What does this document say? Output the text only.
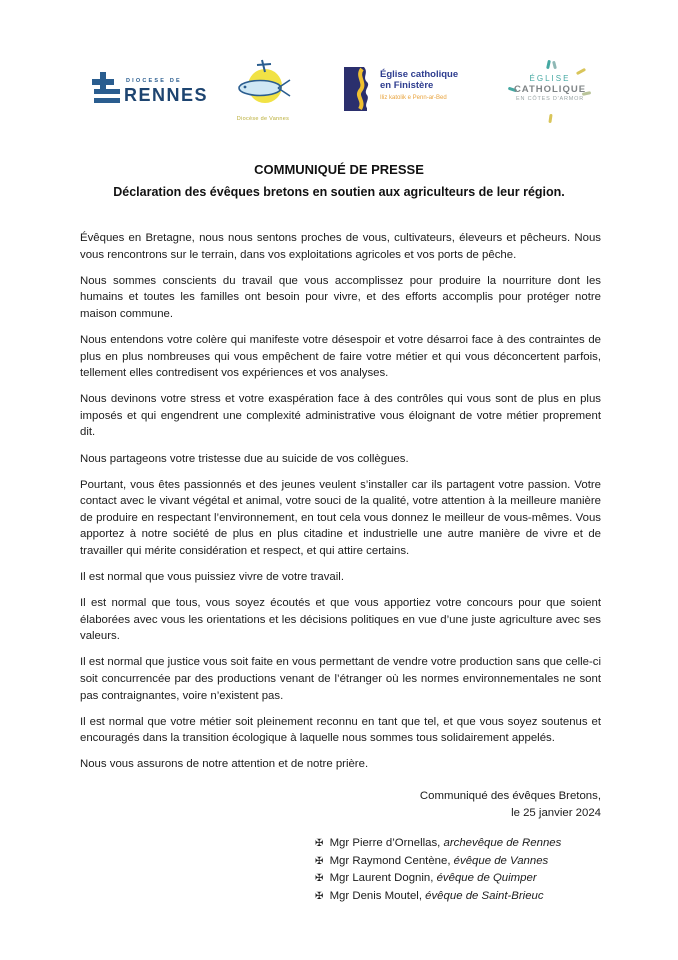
DIOCESE DE
RENNES
Diocèse de Vannes
Église catholique
en Finistère
Iliz katolik e Penn-ar-Bed
ÉGLISE
CATHOLIQUE
EN CÔTES D'ARMOR
COMMUNIQUÉ DE PRESSE
Déclaration des évêques bretons en soutien aux agriculteurs de leur région.

Évêques en Bretagne, nous nous sentons proches de vous, cultivateurs, éleveurs et pêcheurs. Nous vous rencontrons sur le terrain, dans vos exploitations agricoles et vos ports de pêche.

Nous sommes conscients du travail que vous accomplissez pour produire la nourriture dont les humains et toutes les familles ont besoin pour vivre, et des efforts accomplis pour protéger notre maison commune.

Nous entendons votre colère qui manifeste votre désespoir et votre désarroi face à des contraintes de plus en plus nombreuses qui vous empêchent de faire votre métier et qui vous déconcertent parfois, tellement elles contredisent vos expériences et vos analyses.

Nous devinons votre stress et votre exaspération face à des contrôles qui vous sont de plus en plus imposés et qui engendrent une complexité administrative vous éloignant de votre métier proprement dit.

Nous partageons votre tristesse due au suicide de vos collègues.

Pourtant, vous êtes passionnés et des jeunes veulent s’installer car ils partagent votre passion. Votre contact avec le vivant végétal et animal, votre souci de la qualité, votre attention à la meilleure manière de produire en respectant l’environnement, en tout cela vous donnez le meilleur de vous-mêmes. Vous apportez à notre société de plus en plus citadine et industrielle une autre manière de vivre et de travailler qui mérite considération et respect, et qui attire certains.

Il est normal que vous puissiez vivre de votre travail.

Il est normal que tous, vous soyez écoutés et que vous apportiez votre concours pour que soient élaborées avec vous les orientations et les décisions politiques en vue d’une juste agriculture avec ses valeurs.

Il est normal que justice vous soit faite en vous permettant de vendre votre production sans que celle-ci soit concurrencée par des productions venant de l’étranger où les normes environnementales ne sont pas contraignantes, voire n’existent pas.

Il est normal que votre métier soit pleinement reconnu en tant que tel, et que vous soyez soutenus et encouragés dans la transition écologique à laquelle nous sommes tous solidairement appelés.

Nous vous assurons de notre attention et de notre prière.

Communiqué des évêques Bretons,
le 25 janvier 2024
✠ Mgr Pierre d’Ornellas, archevêque de Rennes
✠ Mgr Raymond Centène, évêque de Vannes
✠ Mgr Laurent Dognin, évêque de Quimper
✠ Mgr Denis Moutel, évêque de Saint-Brieuc
